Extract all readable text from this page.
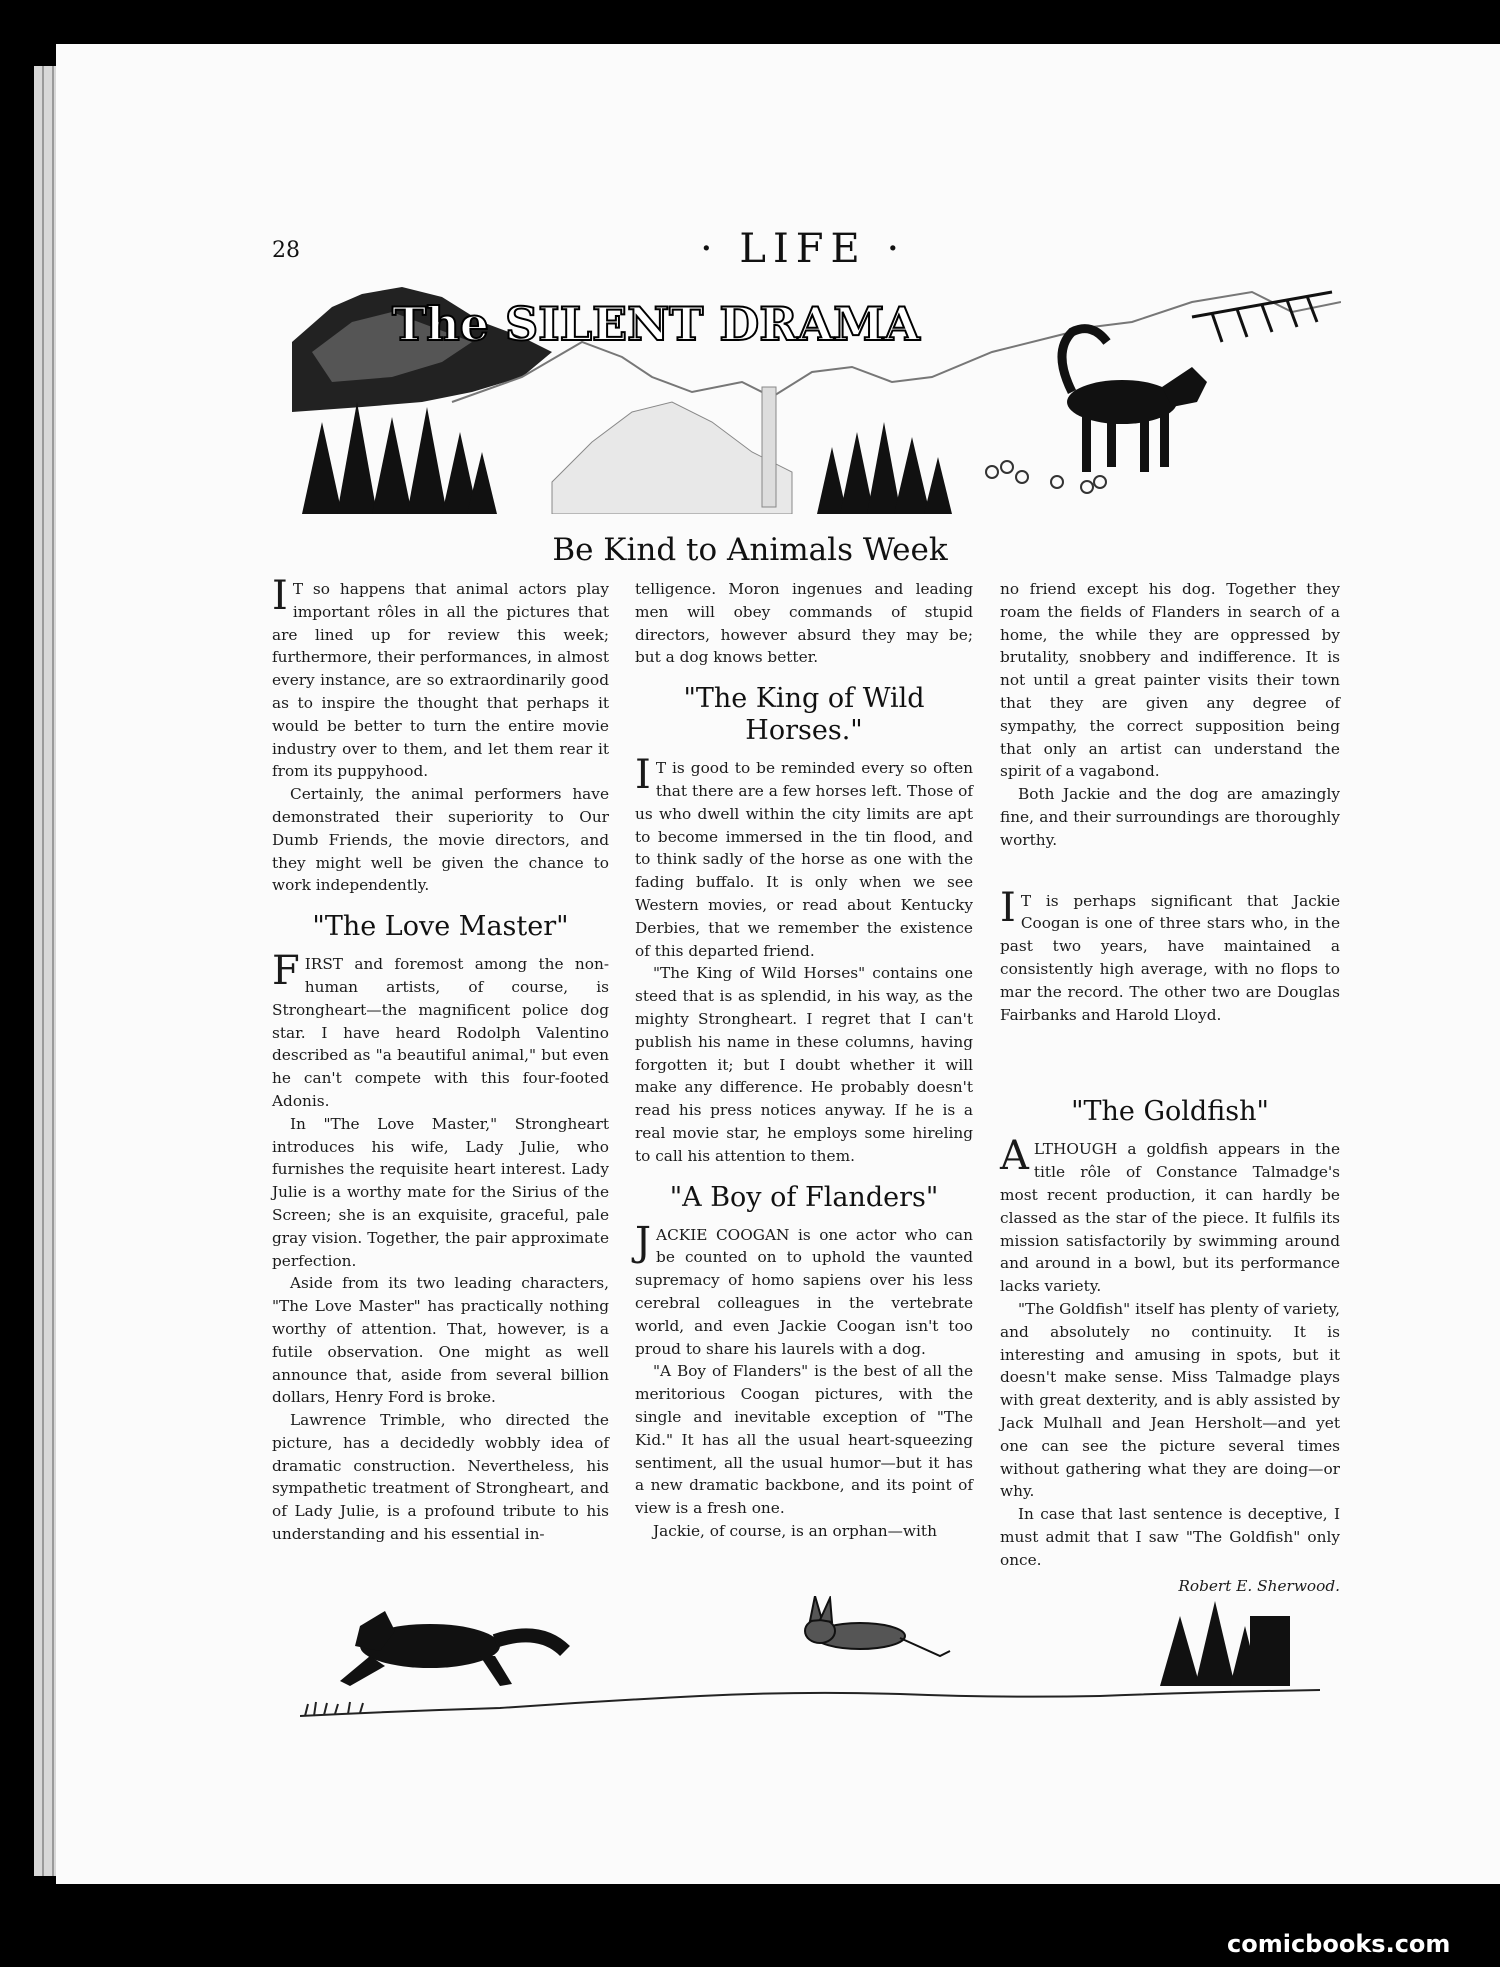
28	· LIFE ·
The SILENT DRAMA
Be Kind to Animals Week

I T so happens that animal actors play important rôles in all the pictures that are lined up for review this week; furthermore, their performances, in almost every instance, are so extraordinarily good as to inspire the thought that perhaps it would be better to turn the entire movie industry over to them, and let them rear it from its puppyhood.

Certainly, the animal performers have demonstrated their superiority to Our Dumb Friends, the movie directors, and they might well be given the chance to work independently.

"The Love Master"

FIRST and foremost among the non-human artists, of course, is Strongheart—the magnificent police dog star. I have heard Rodolph Valentino described as "a beautiful animal," but even he can't compete with this four-footed Adonis.

In "The Love Master," Strongheart introduces his wife, Lady Julie, who furnishes the requisite heart interest. Lady Julie is a worthy mate for the Sirius of the Screen; she is an exquisite, graceful, pale gray vision. Together, the pair approximate perfection.

Aside from its two leading characters, "The Love Master" has practically nothing worthy of attention. That, however, is a futile observation. One might as well announce that, aside from several billion dollars, Henry Ford is broke.

Lawrence Trimble, who directed the picture, has a decidedly wobbly idea of dramatic construction. Nevertheless, his sympathetic treatment of Strongheart, and of Lady Julie, is a profound tribute to his understanding and his essential in-

telligence. Moron ingenues and leading men will obey commands of stupid directors, however absurd they may be; but a dog knows better.

"The King of Wild Horses."

I T is good to be reminded every so often that there are a few horses left. Those of us who dwell within the city limits are apt to become immersed in the tin flood, and to think sadly of the horse as one with the fading buffalo. It is only when we see Western movies, or read about Kentucky Derbies, that we remember the existence of this departed friend.

"The King of Wild Horses" contains one steed that is as splendid, in his way, as the mighty Strongheart. I regret that I can't publish his name in these columns, having forgotten it; but I doubt whether it will make any difference. He probably doesn't read his press notices anyway. If he is a real movie star, he employs some hireling to call his attention to them.

"A Boy of Flanders"

JACKIE COOGAN is one actor who can be counted on to uphold the vaunted supremacy of homo sapiens over his less cerebral colleagues in the vertebrate world, and even Jackie Coogan isn't too proud to share his laurels with a dog.

"A Boy of Flanders" is the best of all the meritorious Coogan pictures, with the single and inevitable exception of "The Kid." It has all the usual heart-squeezing sentiment, all the usual humor—but it has a new dramatic backbone, and its point of view is a fresh one.

Jackie, of course, is an orphan—with

no friend except his dog. Together they roam the fields of Flanders in search of a home, the while they are oppressed by brutality, snobbery and indifference. It is not until a great painter visits their town that they are given any degree of sympathy, the correct supposition being that only an artist can understand the spirit of a vagabond.

Both Jackie and the dog are amazingly fine, and their surroundings are thoroughly worthy.

I T is perhaps significant that Jackie Coogan is one of three stars who, in the past two years, have maintained a consistently high average, with no flops to mar the record. The other two are Douglas Fairbanks and Harold Lloyd.

"The Goldfish"

ALTHOUGH a goldfish appears in the title rôle of Constance Talmadge's most recent production, it can hardly be classed as the star of the piece. It fulfils its mission satisfactorily by swimming around and around in a bowl, but its performance lacks variety.

"The Goldfish" itself has plenty of variety, and absolutely no continuity. It is interesting and amusing in spots, but it doesn't make sense. Miss Talmadge plays with great dexterity, and is ably assisted by Jack Mulhall and Jean Hersholt—and yet one can see the picture several times without gathering what they are doing—or why.

In case that last sentence is deceptive, I must admit that I saw "The Goldfish" only once.

Robert E. Sherwood.
comicbooks.com
